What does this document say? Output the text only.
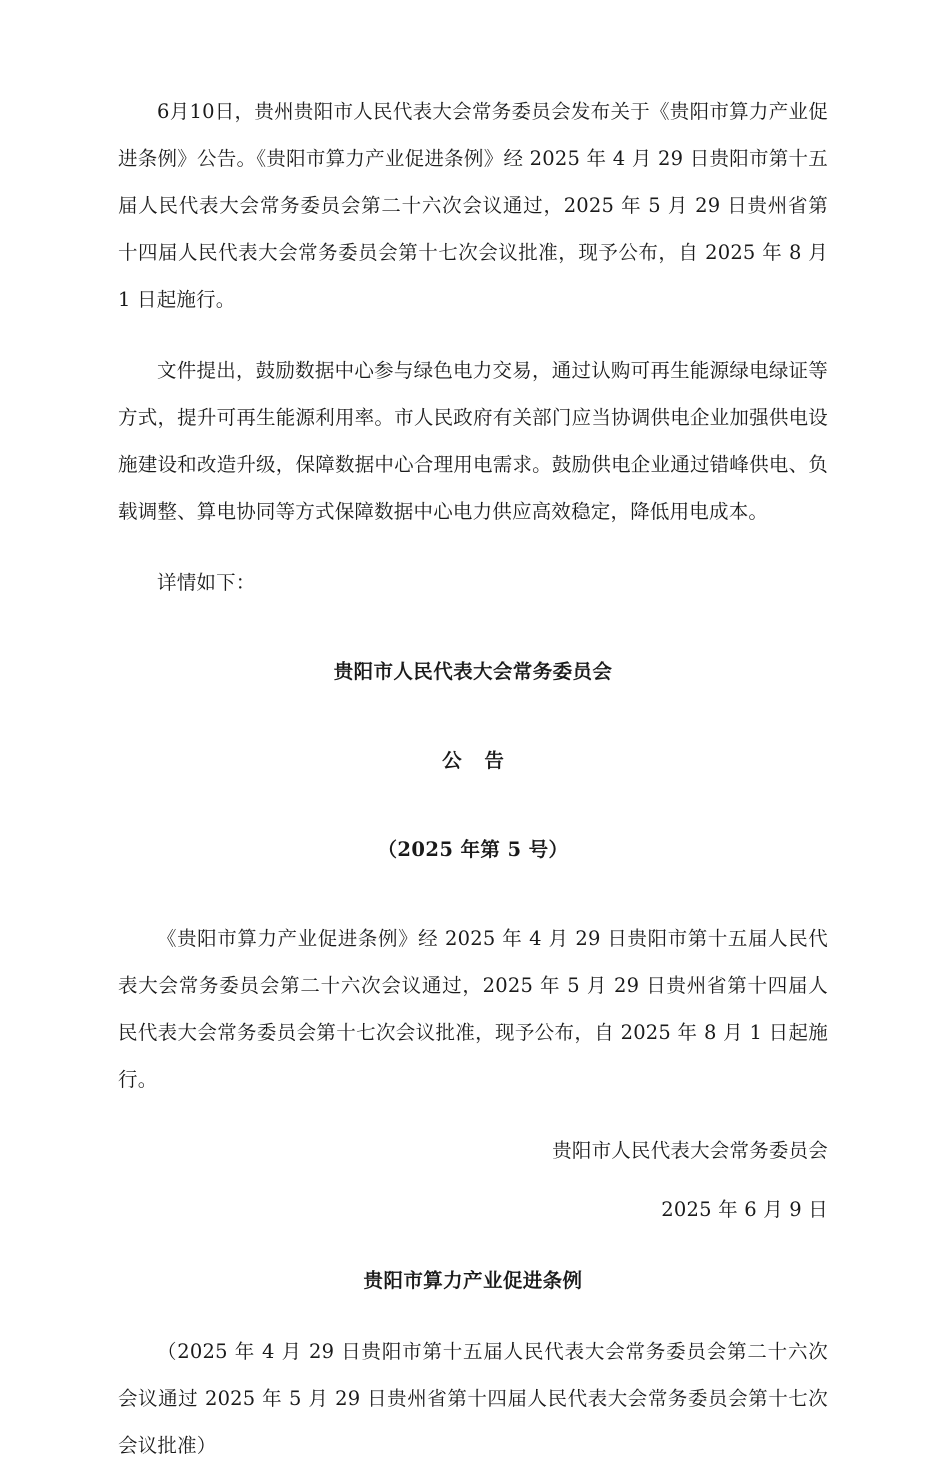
6月10日，贵州贵阳市人民代表大会常务委员会发布关于《贵阳市算力产业促进条例》公告。《贵阳市算力产业促进条例》经 2025 年 4 月 29 日贵阳市第十五届人民代表大会常务委员会第二十六次会议通过，2025 年 5 月 29 日贵州省第十四届人民代表大会常务委员会第十七次会议批准，现予公布，自 2025 年 8 月 1 日起施行。

文件提出，鼓励数据中心参与绿色电力交易，通过认购可再生能源绿电绿证等方式，提升可再生能源利用率。市人民政府有关部门应当协调供电企业加强供电设施建设和改造升级，保障数据中心合理用电需求。鼓励供电企业通过错峰供电、负载调整、算电协同等方式保障数据中心电力供应高效稳定，降低用电成本。

详情如下：

贵阳市人民代表大会常务委员会

公 告

（2025 年第 5 号）

《贵阳市算力产业促进条例》经 2025 年 4 月 29 日贵阳市第十五届人民代表大会常务委员会第二十六次会议通过，2025 年 5 月 29 日贵州省第十四届人民代表大会常务委员会第十七次会议批准，现予公布，自 2025 年 8 月 1 日起施行。

贵阳市人民代表大会常务委员会

2025 年 6 月 9 日

贵阳市算力产业促进条例

（2025 年 4 月 29 日贵阳市第十五届人民代表大会常务委员会第二十六次会议通过 2025 年 5 月 29 日贵州省第十四届人民代表大会常务委员会第十七次会议批准）
